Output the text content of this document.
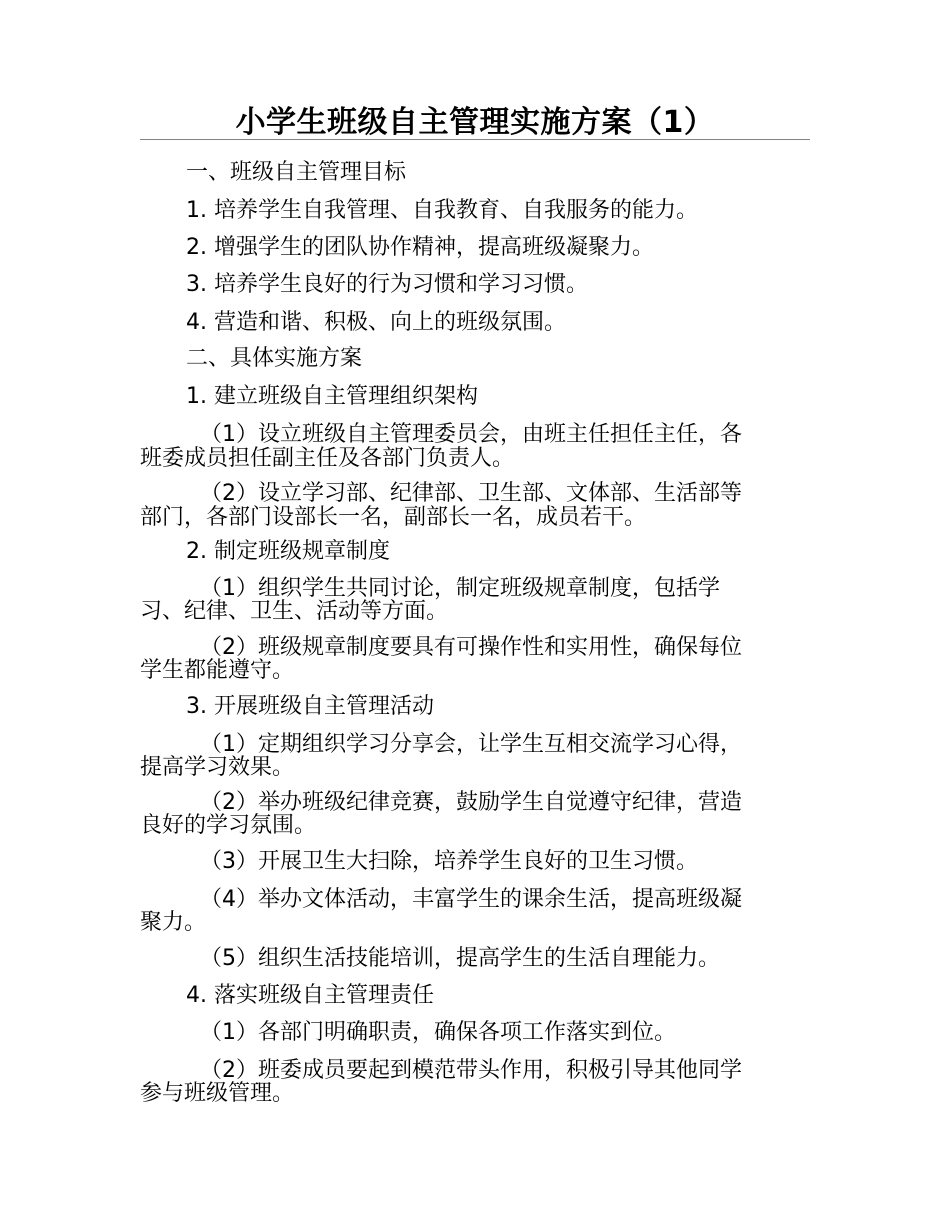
小学生班级自主管理实施方案（1）
一、班级自主管理目标
1. 培养学生自我管理、自我教育、自我服务的能力。
2. 增强学生的团队协作精神，提高班级凝聚力。
3. 培养学生良好的行为习惯和学习习惯。
4. 营造和谐、积极、向上的班级氛围。
二、具体实施方案
1. 建立班级自主管理组织架构
（1）设立班级自主管理委员会，由班主任担任主任，各
班委成员担任副主任及各部门负责人。
（2）设立学习部、纪律部、卫生部、文体部、生活部等
部门，各部门设部长一名，副部长一名，成员若干。
2. 制定班级规章制度
（1）组织学生共同讨论，制定班级规章制度，包括学
习、纪律、卫生、活动等方面。
（2）班级规章制度要具有可操作性和实用性，确保每位
学生都能遵守。
3. 开展班级自主管理活动
（1）定期组织学习分享会，让学生互相交流学习心得，
提高学习效果。
（2）举办班级纪律竞赛，鼓励学生自觉遵守纪律，营造
良好的学习氛围。
（3）开展卫生大扫除，培养学生良好的卫生习惯。
（4）举办文体活动，丰富学生的课余生活，提高班级凝
聚力。
（5）组织生活技能培训，提高学生的生活自理能力。
4. 落实班级自主管理责任
（1）各部门明确职责，确保各项工作落实到位。
（2）班委成员要起到模范带头作用，积极引导其他同学
参与班级管理。
